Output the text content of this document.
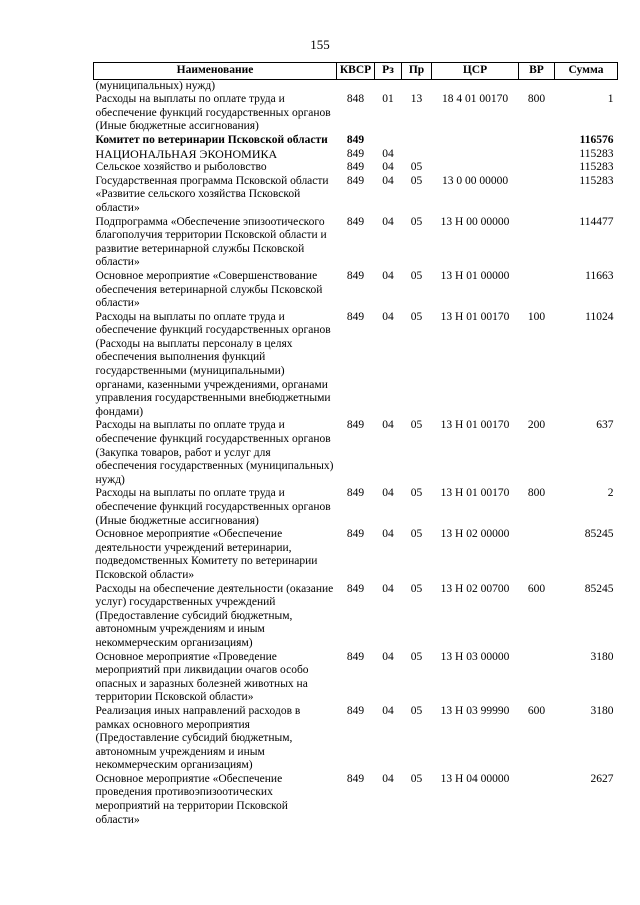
155
Наименование	КВСР	Рз	Пр	ЦСР	ВР	Сумма
(муниципальных) нужд)						
Расходы на выплаты по оплате труда и обеспечение функций государственных органов (Иные бюджетные ассигнования)	848	01	13	18 4 01 00170	800	1
Комитет по ветеринарии Псковской области	849					116576
НАЦИОНАЛЬНАЯ ЭКОНОМИКА	849	04				115283
Сельское хозяйство и рыболовство	849	04	05			115283
Государственная программа Псковской области «Развитие сельского хозяйства Псковской области»	849	04	05	13 0 00 00000		115283
Подпрограмма «Обеспечение эпизоотического благополучия территории Псковской области и развитие ветеринарной службы Псковской области»	849	04	05	13 Н 00 00000		114477
Основное мероприятие «Совершенствование обеспечения ветеринарной службы Псковской области»	849	04	05	13 Н 01 00000		11663
Расходы на выплаты по оплате труда и обеспечение функций государственных органов (Расходы на выплаты персоналу в целях обеспечения выполнения функций государственными (муниципальными) органами, казенными учреждениями, органами управления государственными внебюджетными фондами)	849	04	05	13 Н 01 00170	100	11024
Расходы на выплаты по оплате труда и обеспечение функций государственных органов (Закупка товаров, работ и услуг для обеспечения государственных (муниципальных) нужд)	849	04	05	13 Н 01 00170	200	637
Расходы на выплаты по оплате труда и обеспечение функций государственных органов (Иные бюджетные ассигнования)	849	04	05	13 Н 01 00170	800	2
Основное мероприятие «Обеспечение деятельности учреждений ветеринарии, подведомственных Комитету по ветеринарии Псковской области»	849	04	05	13 Н 02 00000		85245
Расходы на обеспечение деятельности (оказание услуг) государственных учреждений (Предоставление субсидий бюджетным, автономным учреждениям и иным некоммерческим организациям)	849	04	05	13 Н 02 00700	600	85245
Основное мероприятие «Проведение мероприятий при ликвидации очагов особо опасных и заразных болезней животных на территории Псковской области»	849	04	05	13 Н 03 00000		3180
Реализация иных направлений расходов в рамках основного мероприятия (Предоставление субсидий бюджетным, автономным учреждениям и иным некоммерческим организациям)	849	04	05	13 Н 03 99990	600	3180
Основное мероприятие «Обеспечение проведения противоэпизоотических мероприятий на территории Псковской области»	849	04	05	13 Н 04 00000		2627
